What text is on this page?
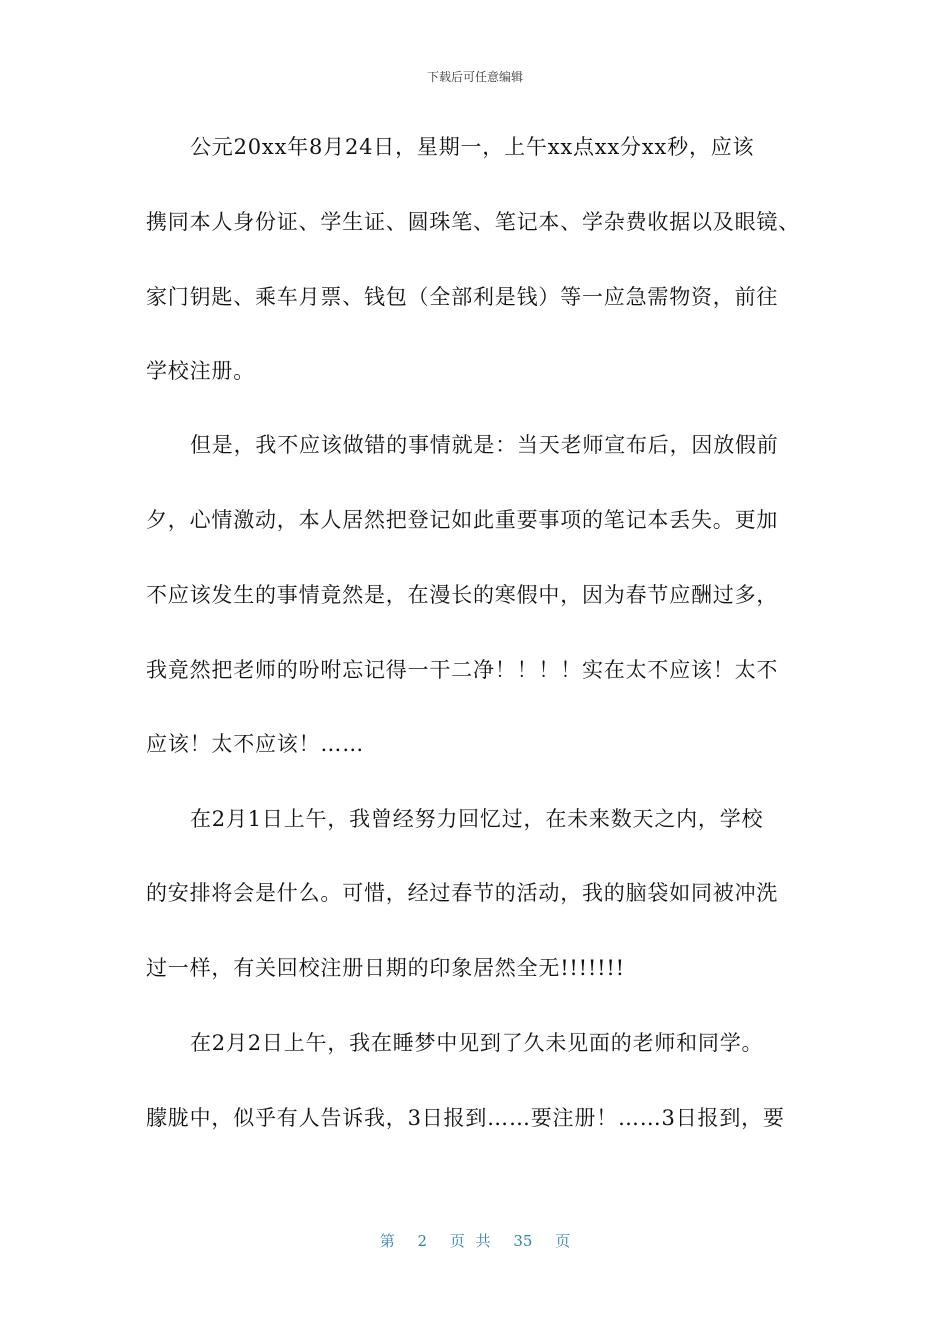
下载后可任意编辑
公元20xx年8月24日，星期一，上午xx点xx分xx秒，应该
携同本人身份证、学生证、圆珠笔、笔记本、学杂费收据以及眼镜、
家门钥匙、乘车月票、钱包（全部利是钱）等一应急需物资，前往
学校注册。
但是，我不应该做错的事情就是：当天老师宣布后，因放假前
夕，心情激动，本人居然把登记如此重要事项的笔记本丢失。更加
不应该发生的事情竟然是，在漫长的寒假中，因为春节应酬过多，
我竟然把老师的吩咐忘记得一干二净！！！！实在太不应该！太不
应该！太不应该！……
在2月1日上午，我曾经努力回忆过，在未来数天之内，学校
的安排将会是什么。可惜，经过春节的活动，我的脑袋如同被冲洗
过一样，有关回校注册日期的印象居然全无!!!!!!!
在2月2日上午，我在睡梦中见到了久未见面的老师和同学。
朦胧中，似乎有人告诉我，3日报到……要注册！……3日报到，要
第 2 页 共 35 页
